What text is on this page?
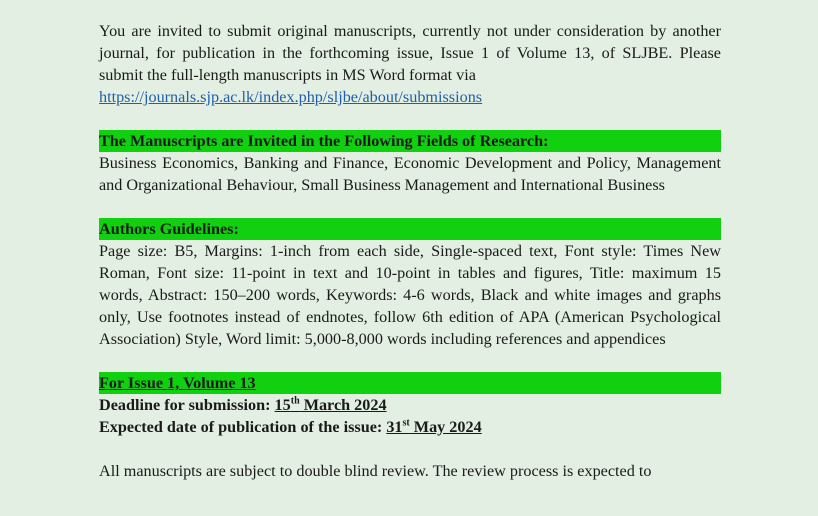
You are invited to submit original manuscripts, currently not under consideration by another journal, for publication in the forthcoming issue, Issue 1 of Volume 13, of SLJBE. Please submit the full-length manuscripts in MS Word format via
https://journals.sjp.ac.lk/index.php/sljbe/about/submissions

The Manuscripts are Invited in the Following Fields of Research:

Business Economics, Banking and Finance, Economic Development and Policy, Management and Organizational Behaviour, Small Business Management and International Business

Authors Guidelines:

Page size: B5, Margins: 1-inch from each side, Single-spaced text, Font style: Times New Roman, Font size: 11-point in text and 10-point in tables and figures, Title: maximum 15 words, Abstract: 150–200 words, Keywords: 4-6 words, Black and white images and graphs only, Use footnotes instead of endnotes, follow 6th edition of APA (American Psychological Association) Style, Word limit: 5,000-8,000 words including references and appendices

For Issue 1, Volume 13

Deadline for submission: 15th March 2024

Expected date of publication of the issue: 31st May 2024

All manuscripts are subject to double blind review. The review process is expected to
